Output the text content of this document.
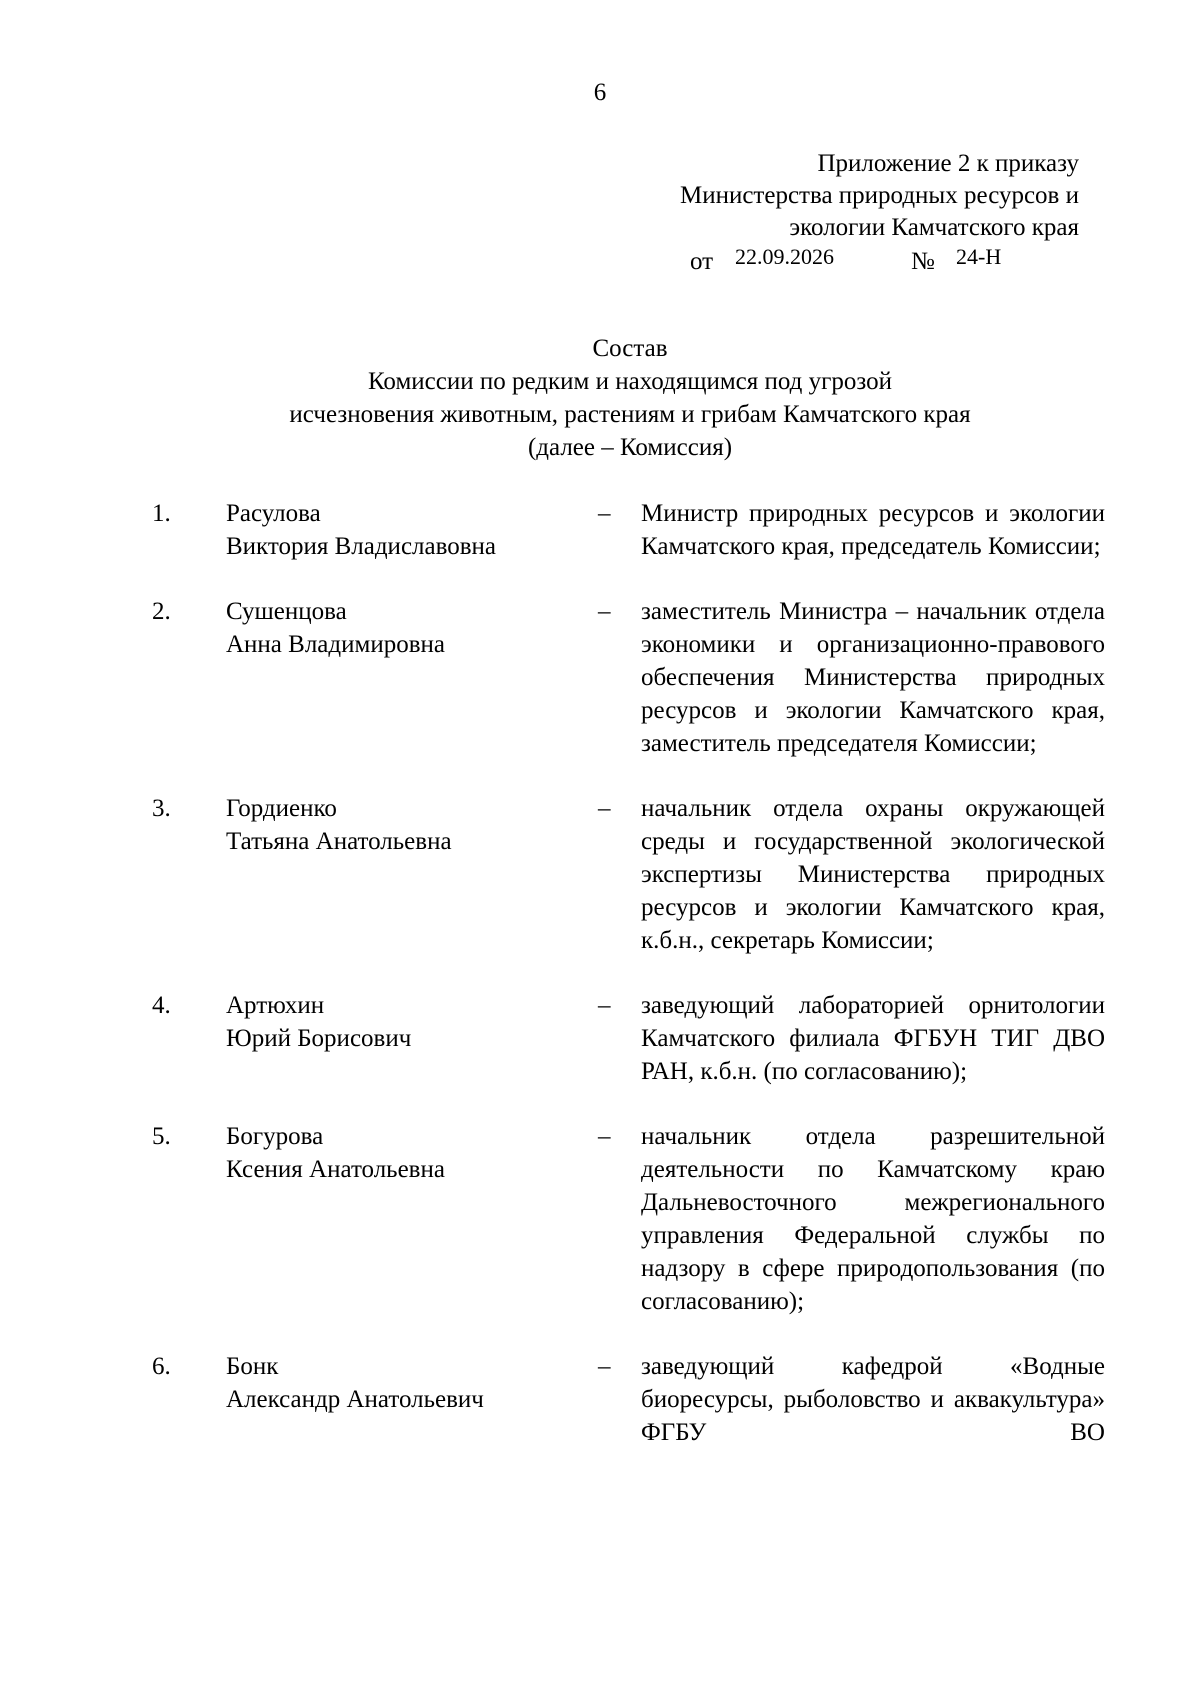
6
Приложение 2 к приказу
Министерства природных ресурсов и
экологии Камчатского края
от 22.09.2026	№ 24-Н
Состав
Комиссии по редким и находящимся под угрозой
исчезновения животным, растениям и грибам Камчатского края
(далее – Комиссия)
1. Расулова
Виктория Владиславовна
– Министр природных ресурсов и экологии Камчатского края, председатель Комиссии;
2. Сушенцова
Анна Владимировна
– заместитель Министра – начальник отдела экономики и организационно-правового обеспечения Министерства природных ресурсов и экологии Камчатского края, заместитель председателя Комиссии;
3. Гордиенко
Татьяна Анатольевна
– начальник отдела охраны окружающей среды и государственной экологической экспертизы Министерства природных ресурсов и экологии Камчатского края, к.б.н., секретарь Комиссии;
4. Артюхин
Юрий Борисович
– заведующий лабораторией орнитологии Камчатского филиала ФГБУН ТИГ ДВО РАН, к.б.н. (по согласованию);
5. Богурова
Ксения Анатольевна
– начальник отдела разрешительной деятельности по Камчатскому краю Дальневосточного межрегионального управления Федеральной службы по надзору в сфере природопользования (по согласованию);
6. Бонк
Александр Анатольевич
– заведующий кафедрой «Водные биоресурсы, рыболовство и аквакультура» ФГБУ ВО
